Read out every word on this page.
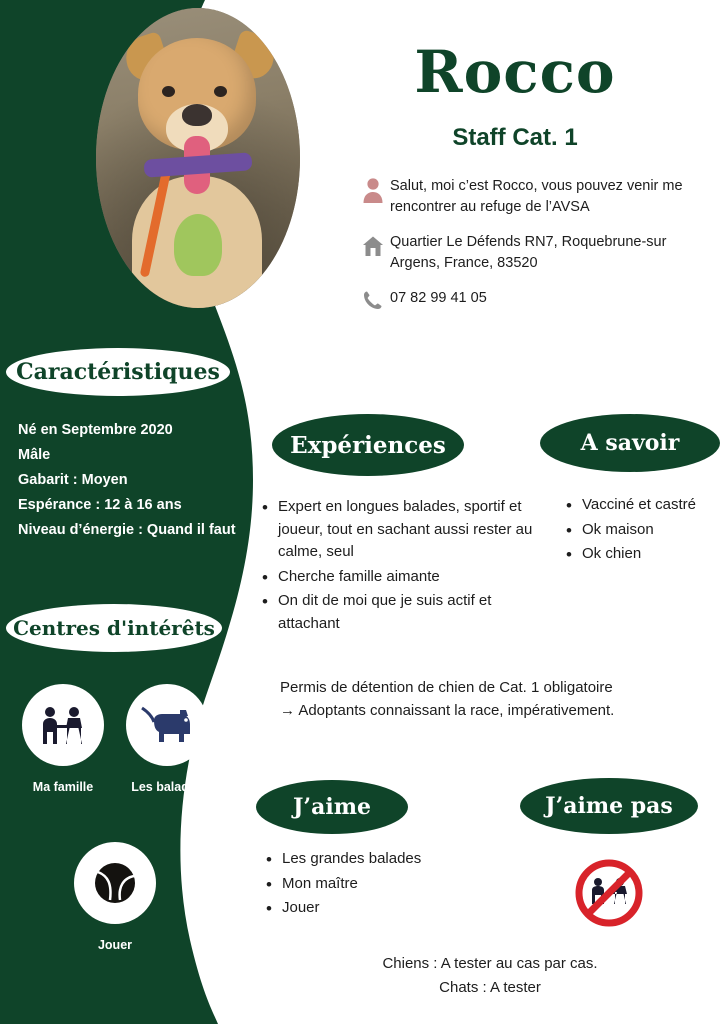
Rocco
Staff Cat. 1
Salut, moi c’est Rocco, vous pouvez venir me rencontrer au refuge de l’AVSA
Quartier Le Défends RN7, Roquebrune-sur Argens, France, 83520
07 82 99 41 05
Caractéristiques
Né en Septembre 2020
Mâle
Gabarit : Moyen
Espérance : 12 à 16 ans
Niveau d’énergie : Quand il faut
Centres d'intérêts
Ma famille	Les balades
Jouer
Expériences
• Expert en longues balades, sportif et joueur, tout en sachant aussi rester au calme, seul
• Cherche famille aimante
• On dit de moi que je suis actif et attachant
A savoir
• Vacciné et castré
• Ok maison
• Ok chien
Permis de détention de chien de Cat. 1 obligatoire
→ Adoptants connaissant la race, impérativement.
J’aime
• Les grandes balades
• Mon maître
• Jouer
J’aime pas
Chiens : A tester au cas par cas.
Chats : A tester
